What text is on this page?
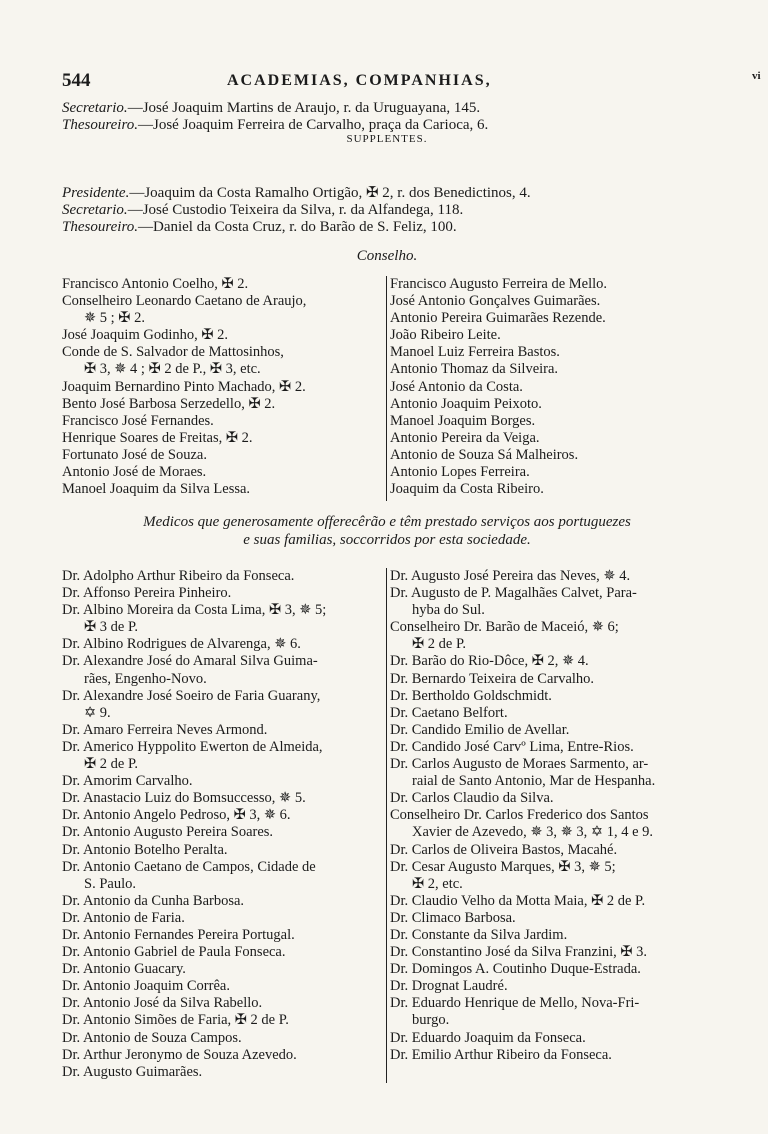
544	ACADEMIAS, COMPANHIAS,	vi
Secretario.—José Joaquim Martins de Araujo, r. da Uruguayana, 145.
Thesoureiro.—José Joaquim Ferreira de Carvalho, praça da Carioca, 6.
SUPPLENTES.
Presidente.—Joaquim da Costa Ramalho Ortigão, ✠ 2, r. dos Benedictinos, 4.
Secretario.—José Custodio Teixeira da Silva, r. da Alfandega, 118.
Thesoureiro.—Daniel da Costa Cruz, r. do Barão de S. Feliz, 100.
Conselho.
Francisco Antonio Coelho, ✠ 2.
Conselheiro Leonardo Caetano de Araujo,
✵ 5 ; ✠ 2.
José Joaquim Godinho, ✠ 2.
Conde de S. Salvador de Mattosinhos,
✠ 3, ✵ 4 ; ✠ 2 de P., ✠ 3, etc.
Joaquim Bernardino Pinto Machado, ✠ 2.
Bento José Barbosa Serzedello, ✠ 2.
Francisco José Fernandes.
Henrique Soares de Freitas, ✠ 2.
Fortunato José de Souza.
Antonio José de Moraes.
Manoel Joaquim da Silva Lessa.
Francisco Augusto Ferreira de Mello.
José Antonio Gonçalves Guimarães.
Antonio Pereira Guimarães Rezende.
João Ribeiro Leite.
Manoel Luiz Ferreira Bastos.
Antonio Thomaz da Silveira.
José Antonio da Costa.
Antonio Joaquim Peixoto.
Manoel Joaquim Borges.
Antonio Pereira da Veiga.
Antonio de Souza Sá Malheiros.
Antonio Lopes Ferreira.
Joaquim da Costa Ribeiro.
Medicos que generosamente offerecêrão e têm prestado serviços aos portuguezes
e suas familias, soccorridos por esta sociedade.
Dr. Adolpho Arthur Ribeiro da Fonseca.
Dr. Affonso Pereira Pinheiro.
Dr. Albino Moreira da Costa Lima, ✠ 3, ✵ 5;
✠ 3 de P.
Dr. Albino Rodrigues de Alvarenga, ✵ 6.
Dr. Alexandre José do Amaral Silva Guima-
rães, Engenho-Novo.
Dr. Alexandre José Soeiro de Faria Guarany,
✡ 9.
Dr. Amaro Ferreira Neves Armond.
Dr. Americo Hyppolito Ewerton de Almeida,
✠ 2 de P.
Dr. Amorim Carvalho.
Dr. Anastacio Luiz do Bomsuccesso, ✵ 5.
Dr. Antonio Angelo Pedroso, ✠ 3, ✵ 6.
Dr. Antonio Augusto Pereira Soares.
Dr. Antonio Botelho Peralta.
Dr. Antonio Caetano de Campos, Cidade de
S. Paulo.
Dr. Antonio da Cunha Barbosa.
Dr. Antonio de Faria.
Dr. Antonio Fernandes Pereira Portugal.
Dr. Antonio Gabriel de Paula Fonseca.
Dr. Antonio Guacary.
Dr. Antonio Joaquim Corrêa.
Dr. Antonio José da Silva Rabello.
Dr. Antonio Simões de Faria, ✠ 2 de P.
Dr. Antonio de Souza Campos.
Dr. Arthur Jeronymo de Souza Azevedo.
Dr. Augusto Guimarães.
Dr. Augusto José Pereira das Neves, ✵ 4.
Dr. Augusto de P. Magalhães Calvet, Para-
hyba do Sul.
Conselheiro Dr. Barão de Maceió, ✵ 6;
✠ 2 de P.
Dr. Barão do Rio-Dôce, ✠ 2, ✵ 4.
Dr. Bernardo Teixeira de Carvalho.
Dr. Bertholdo Goldschmidt.
Dr. Caetano Belfort.
Dr. Candido Emilio de Avellar.
Dr. Candido José Carvº Lima, Entre-Rios.
Dr. Carlos Augusto de Moraes Sarmento, ar-
raial de Santo Antonio, Mar de Hespanha.
Dr. Carlos Claudio da Silva.
Conselheiro Dr. Carlos Frederico dos Santos
Xavier de Azevedo, ✵ 3, ✵ 3, ✡ 1, 4 e 9.
Dr. Carlos de Oliveira Bastos, Macahé.
Dr. Cesar Augusto Marques, ✠ 3, ✵ 5;
✠ 2, etc.
Dr. Claudio Velho da Motta Maia, ✠ 2 de P.
Dr. Climaco Barbosa.
Dr. Constante da Silva Jardim.
Dr. Constantino José da Silva Franzini, ✠ 3.
Dr. Domingos A. Coutinho Duque-Estrada.
Dr. Drognat Laudré.
Dr. Eduardo Henrique de Mello, Nova-Fri-
burgo.
Dr. Eduardo Joaquim da Fonseca.
Dr. Emilio Arthur Ribeiro da Fonseca.
